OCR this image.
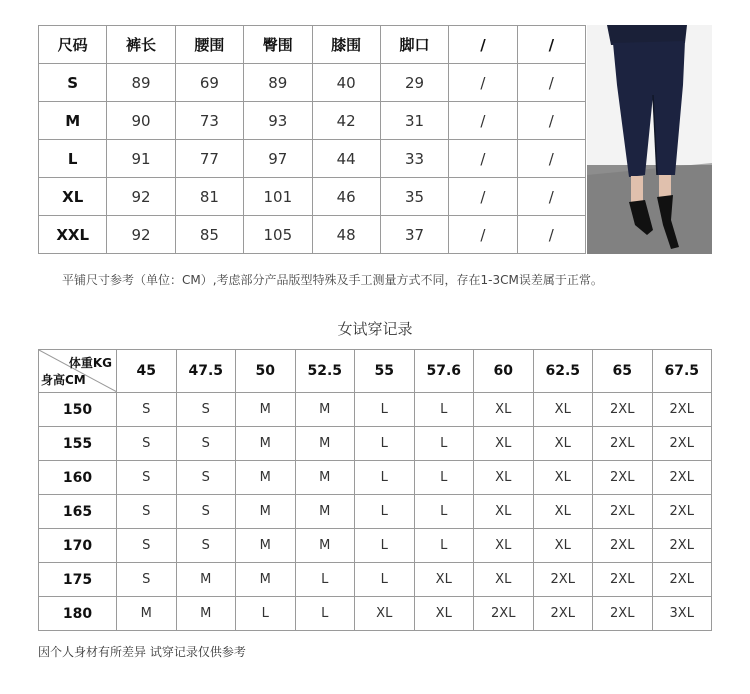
尺码	裤长	腰围	臀围	膝围	脚口	/	/
S	89	69	89	40	29	/	/
M	90	73	93	42	31	/	/
L	91	77	97	44	33	/	/
XL	92	81	101	46	35	/	/
XXL	92	85	105	48	37	/	/
平铺尺寸参考（单位：CM）,考虑部分产品版型特殊及手工测量方式不同，存在1-3CM误差属于正常。
女试穿记录
体重KG
身高CM	45	47.5	50	52.5	55	57.6	60	62.5	65	67.5
150	S	S	M	M	L	L	XL	XL	2XL	2XL
155	S	S	M	M	L	L	XL	XL	2XL	2XL
160	S	S	M	M	L	L	XL	XL	2XL	2XL
165	S	S	M	M	L	L	XL	XL	2XL	2XL
170	S	S	M	M	L	L	XL	XL	2XL	2XL
175	S	M	M	L	L	XL	XL	2XL	2XL	2XL
180	M	M	L	L	XL	XL	2XL	2XL	2XL	3XL
因个人身材有所差异 试穿记录仅供参考
